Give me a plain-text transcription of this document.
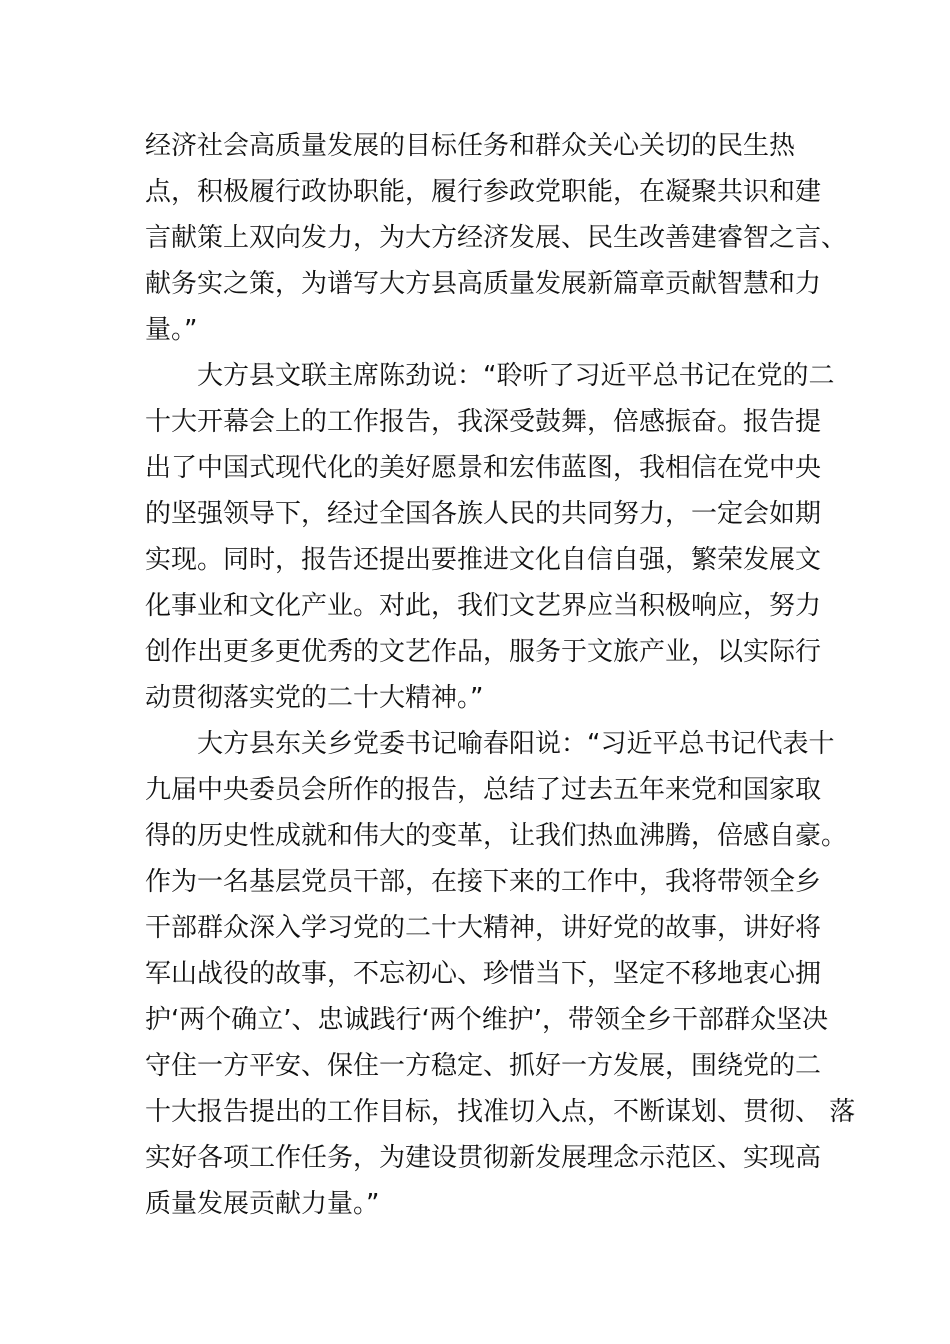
经济社会高质量发展的目标任务和群众关心关切的民生热
点，积极履行政协职能，履行参政党职能，在凝聚共识和建
言献策上双向发力，为大方经济发展、民生改善建睿智之言、
献务实之策，为谱写大方县高质量发展新篇章贡献智慧和力
量。”
大方县文联主席陈劲说：“聆听了习近平总书记在党的二
十大开幕会上的工作报告，我深受鼓舞，倍感振奋。报告提
出了中国式现代化的美好愿景和宏伟蓝图，我相信在党中央
的坚强领导下，经过全国各族人民的共同努力，一定会如期
实现。同时，报告还提出要推进文化自信自强，繁荣发展文
化事业和文化产业。对此，我们文艺界应当积极响应，努力
创作出更多更优秀的文艺作品，服务于文旅产业，以实际行
动贯彻落实党的二十大精神。”
大方县东关乡党委书记喻春阳说：“习近平总书记代表十
九届中央委员会所作的报告，总结了过去五年来党和国家取
得的历史性成就和伟大的变革，让我们热血沸腾，倍感自豪。
作为一名基层党员干部，在接下来的工作中，我将带领全乡
干部群众深入学习党的二十大精神，讲好党的故事，讲好将
军山战役的故事，不忘初心、珍惜当下，坚定不移地衷心拥
护‘两个确立’、忠诚践行‘两个维护’，带领全乡干部群众坚决
守住一方平安、保住一方稳定、抓好一方发展，围绕党的二
十大报告提出的工作目标，找准切入点，不断谋划、贯彻、 落
实好各项工作任务，为建设贯彻新发展理念示范区、实现高
质量发展贡献力量。”
